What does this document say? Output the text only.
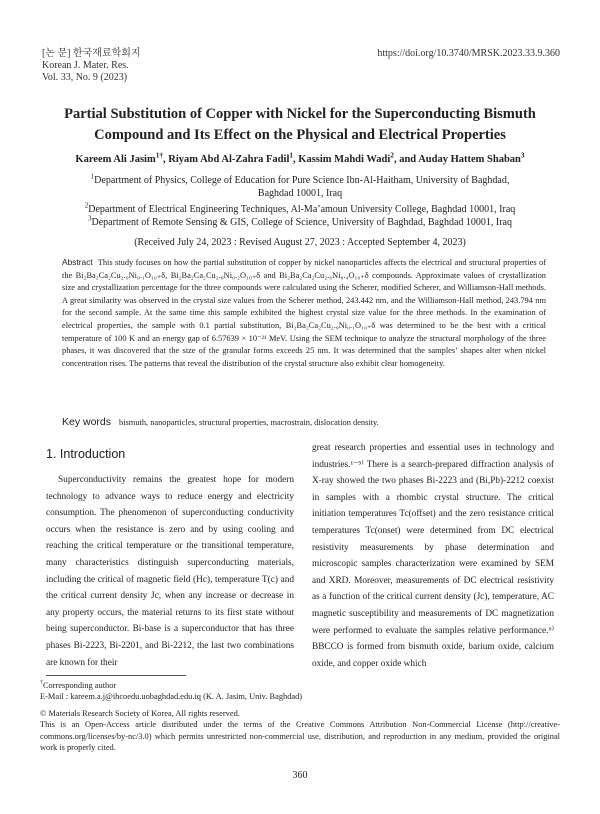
[논 문] 한국재료학회지
Korean J. Mater. Res.
Vol. 33, No. 9 (2023)
https://doi.org/10.3740/MRSK.2023.33.9.360
Partial Substitution of Copper with Nickel for the Superconducting Bismuth
Compound and Its Effect on the Physical and Electrical Properties
Kareem Ali Jasim$^{1\dagger}$, Riyam Abd Al-Zahra Fadil$^1$, Kassim Mahdi Wadi$^2$, and Auday Hattem Shaban$^3$
$^1$Department of Physics, College of Education for Pure Science Ibn-Al-Haitham, University of Baghdad,
Baghdad 10001, Iraq
$^2$Department of Electrical Engineering Techniques, Al-Ma’amoun University College, Baghdad 10001, Iraq
$^3$Department of Remote Sensing & GIS, College of Science, University of Baghdad, Baghdad 10001, Iraq
(Received July 24, 2023 : Revised August 27, 2023 : Accepted September 4, 2023)
Abstract This study focuses on how the partial substitution of copper by nickel nanoparticles affects the electrical and structural properties of the Bi₂Ba₂Ca₂Cu₂.₉Ni₀.₁O₁₀₊δ, Bi₂Ba₂Ca₂Cu₂.₈Ni₀.₂O₁₀₊δ and Bi₂Ba₂Ca₂Cu₂.₆Ni₀.₄O₁₀₊δ compounds. Approximate values of crystallization size and crystallization percentage for the three compounds were calculated using the Scherer, modified Scherer, and Williamson-Hall methods. A great similarity was observed in the crystal size values from the Scherer method, 243.442 nm, and the Williamson-Hall method, 243.794 nm for the second sample. At the same time this sample exhibited the highest crystal size value for the three methods. In the examination of electrical properties, the sample with 0.1 partial substitution, Bi₂Ba₂Ca₂Cu₂.₉Ni₀.₁O₁₀₊δ was determined to be the best with a critical temperature of 100 K and an energy gap of 6.57639 × 10⁻²¹ MeV. Using the SEM technique to analyze the structural morphology of the three phases, it was discovered that the size of the granular forms exceeds 25 nm. It was determined that the samples’ shapes alter when nickel concentration rises. The patterns that reveal the distribution of the crystal structure also exhibit clear homogeneity.
Key words bismuth, nanoparticles, structural properties, macrostrain, dislocation density.
1. Introduction

Superconductivity remains the greatest hope for modern technology to advance ways to reduce energy and electricity consumption. The phenomenon of superconducting conductivity occurs when the resistance is zero and by using cooling and reaching the critical temperature or the transitional temperature, many characteristics distinguish superconducting materials, including the critical of magnetic field (Hc), temperature T(c) and the critical current density Jc, when any increase or decrease in any property occurs, the material returns to its first state without being superconductor. Bi-base is a superconductor that has three phases Bi-2223, Bi-2201, and Bi-2212, the last two combinations are known for their

great research properties and essential uses in technology and industries.¹⁻⁵⁾ There is a search-prepared diffraction analysis of X-ray showed the two phases Bi-2223 and (Bi,Pb)-2212 coexist in samples with a rhombic crystal structure. The critical initiation temperatures Tc(offset) and the zero resistance critical temperatures Tc(onset) were determined from DC electrical resistivity measurements by phase determination and microscopic samples characterization were examined by SEM and XRD. Moreover, measurements of DC electrical resistivity as a function of the critical current density (Jc), temperature, AC magnetic susceptibility and measurements of DC magnetization were performed to evaluate the samples relative performance.⁶⁾ BBCCO is formed from bismuth oxide, barium oxide, calcium oxide, and copper oxide which

†Corresponding author
E-Mail : kareem.a.j@ihcoedu.uobaghdad.edu.iq (K. A. Jasim, Univ. Baghdad)
© Materials Research Society of Korea, All rights reserved.
This is an Open-Access article distributed under the terms of the Creative Commons Attribution Non-Commercial License (http://creative-commons.org/licenses/by-nc/3.0) which permits unrestricted non-commercial use, distribution, and reproduction in any medium, provided the original work is properly cited.
360
